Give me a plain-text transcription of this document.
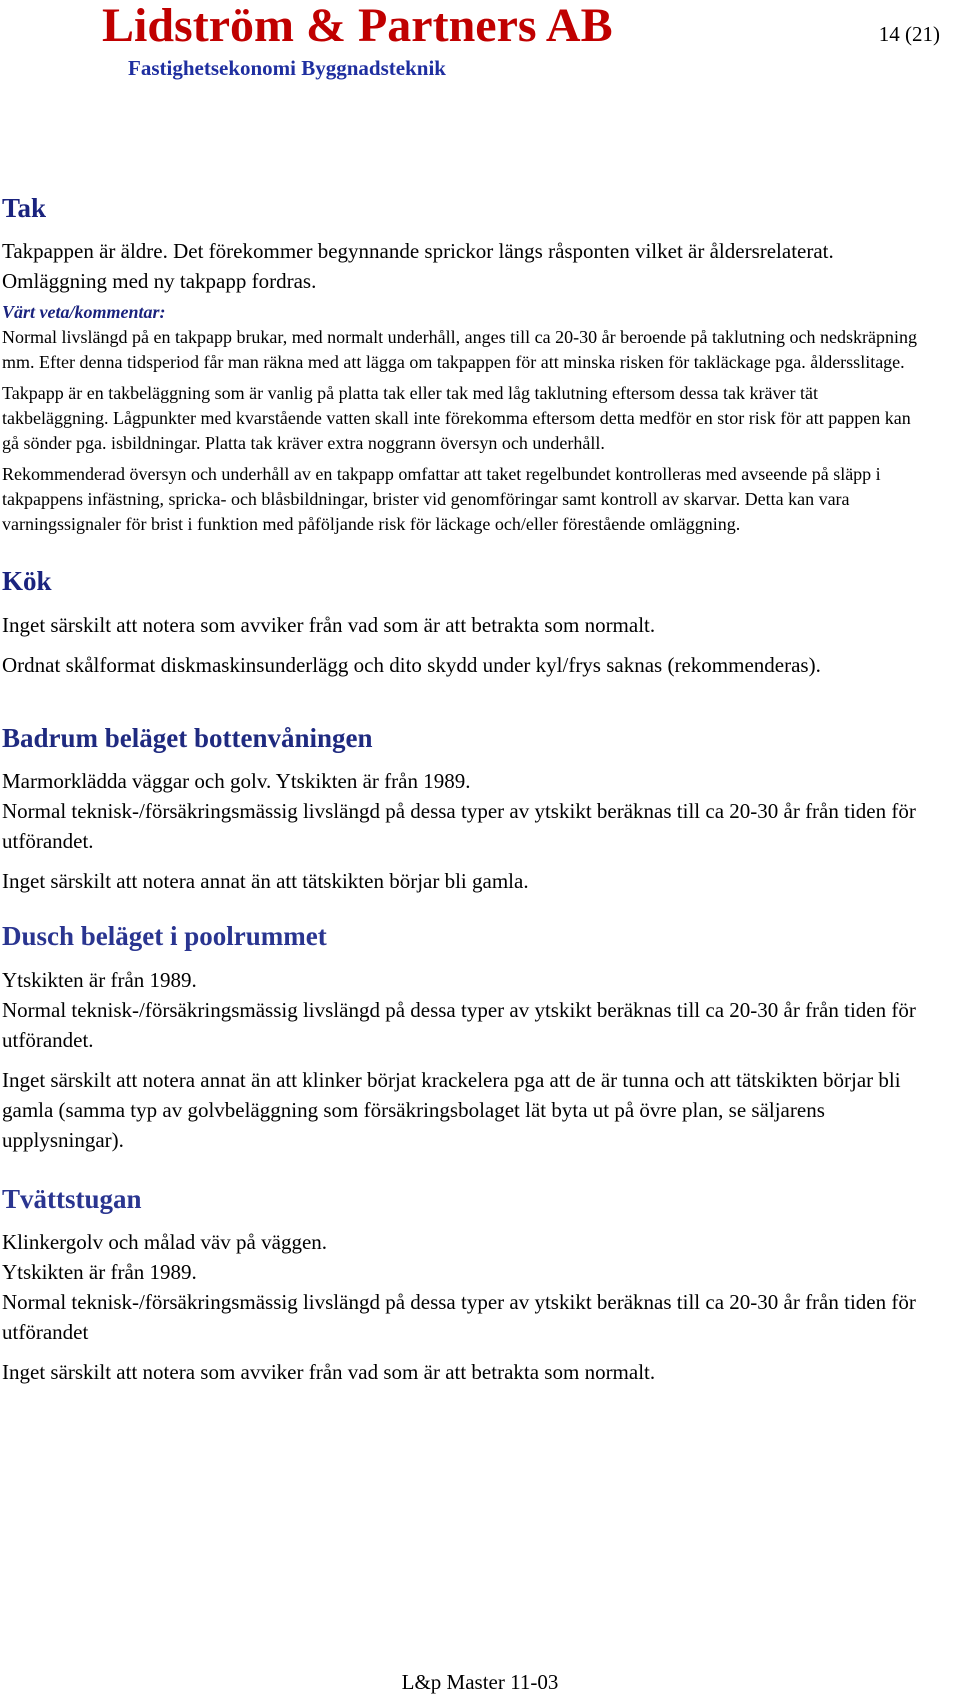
Lidström & Partners AB
Fastighetsekonomi Byggnadsteknik
14 (21)
Tak

Takpappen är äldre. Det förekommer begynnande sprickor längs råsponten vilket är åldersrelaterat. Omläggning med ny takpapp fordras.

Värt veta/kommentar:

Normal livslängd på en takpapp brukar, med normalt underhåll, anges till ca 20-30 år beroende på taklutning och nedskräpning mm. Efter denna tidsperiod får man räkna med att lägga om takpappen för att minska risken för takläckage pga. åldersslitage.

Takpapp är en takbeläggning som är vanlig på platta tak eller tak med låg taklutning eftersom dessa tak kräver tät takbeläggning. Lågpunkter med kvarstående vatten skall inte förekomma eftersom detta medför en stor risk för att pappen kan gå sönder pga. isbildningar. Platta tak kräver extra noggrann översyn och underhåll.

Rekommenderad översyn och underhåll av en takpapp omfattar att taket regelbundet kontrolleras med avseende på släpp i takpappens infästning, spricka- och blåsbildningar, brister vid genomföringar samt kontroll av skarvar. Detta kan vara varningssignaler för brist i funktion med påföljande risk för läckage och/eller förestående omläggning.

Kök

Inget särskilt att notera som avviker från vad som är att betrakta som normalt.

Ordnat skålformat diskmaskinsunderlägg och dito skydd under kyl/frys saknas (rekommenderas).

Badrum beläget bottenvåningen

Marmorklädda väggar och golv. Ytskikten är från 1989.

Normal teknisk-/försäkringsmässig livslängd på dessa typer av ytskikt beräknas till ca 20-30 år från tiden för utförandet.

Inget särskilt att notera annat än att tätskikten börjar bli gamla.

Dusch beläget i poolrummet

Ytskikten är från 1989.

Normal teknisk-/försäkringsmässig livslängd på dessa typer av ytskikt beräknas till ca 20-30 år från tiden för utförandet.

Inget särskilt att notera annat än att klinker börjat krackelera pga att de är tunna och att tätskikten börjar bli gamla (samma typ av golvbeläggning som försäkringsbolaget lät byta ut på övre plan, se säljarens upplysningar).

Tvättstugan

Klinkergolv och målad väv på väggen.

Ytskikten är från 1989.

Normal teknisk-/försäkringsmässig livslängd på dessa typer av ytskikt beräknas till ca 20-30 år från tiden för utförandet

Inget särskilt att notera som avviker från vad som är att betrakta som normalt.

L&p Master 11-03
